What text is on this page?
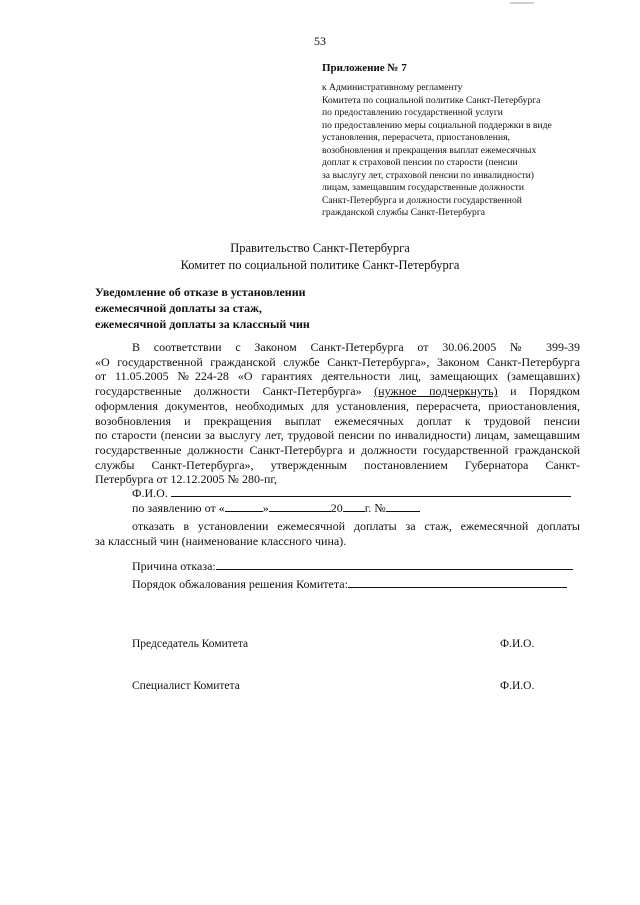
53
Приложение № 7
к Административному регламенту
Комитета по социальной политике Санкт-Петербурга
по предоставлению государственной услуги
по предоставлению меры социальной поддержки в виде
установления, перерасчета, приостановления,
возобновления и прекращения выплат ежемесячных
доплат к страховой пенсии по старости (пенсии
за выслугу лет, страховой пенсии по инвалидности)
лицам, замещавшим государственные должности
Санкт-Петербурга и должности государственной
гражданской службы Санкт-Петербурга
Правительство Санкт-Петербурга
Комитет по социальной политике Санкт-Петербурга
Уведомление об отказе в установлении
ежемесячной доплаты за стаж,
ежемесячной доплаты за классный чин
В соответствии с Законом Санкт-Петербурга от 30.06.2005 № 399-39
«О государственной гражданской службе Санкт-Петербурга», Законом Санкт-Петербурга
от 11.05.2005 №224-28 «О гарантиях деятельности лиц, замещающих (замещавших)
государственные должности Санкт-Петербурга» (нужное подчеркнуть) и Порядком
оформления документов, необходимых для установления, перерасчета, приостановления,
возобновления и прекращения выплат ежемесячных доплат к трудовой пенсии
по старости (пенсии за выслугу лет, трудовой пенсии по инвалидности) лицам, замещавшим
государственные должности Санкт-Петербурга и должности государственной гражданской
службы Санкт-Петербурга», утвержденным постановлением Губернатора Санкт-
Петербурга от 12.12.2005 № 280-пг,
Ф.И.О.
по заявлению от «	»	20 г. №
отказать в установлении ежемесячной доплаты за стаж, ежемесячной доплаты
за классный чин (наименование классного чина).
Причина отказа:
Порядок обжалования решения Комитета:
Председатель Комитета	Ф.И.О.
Специалист Комитета	Ф.И.О.
